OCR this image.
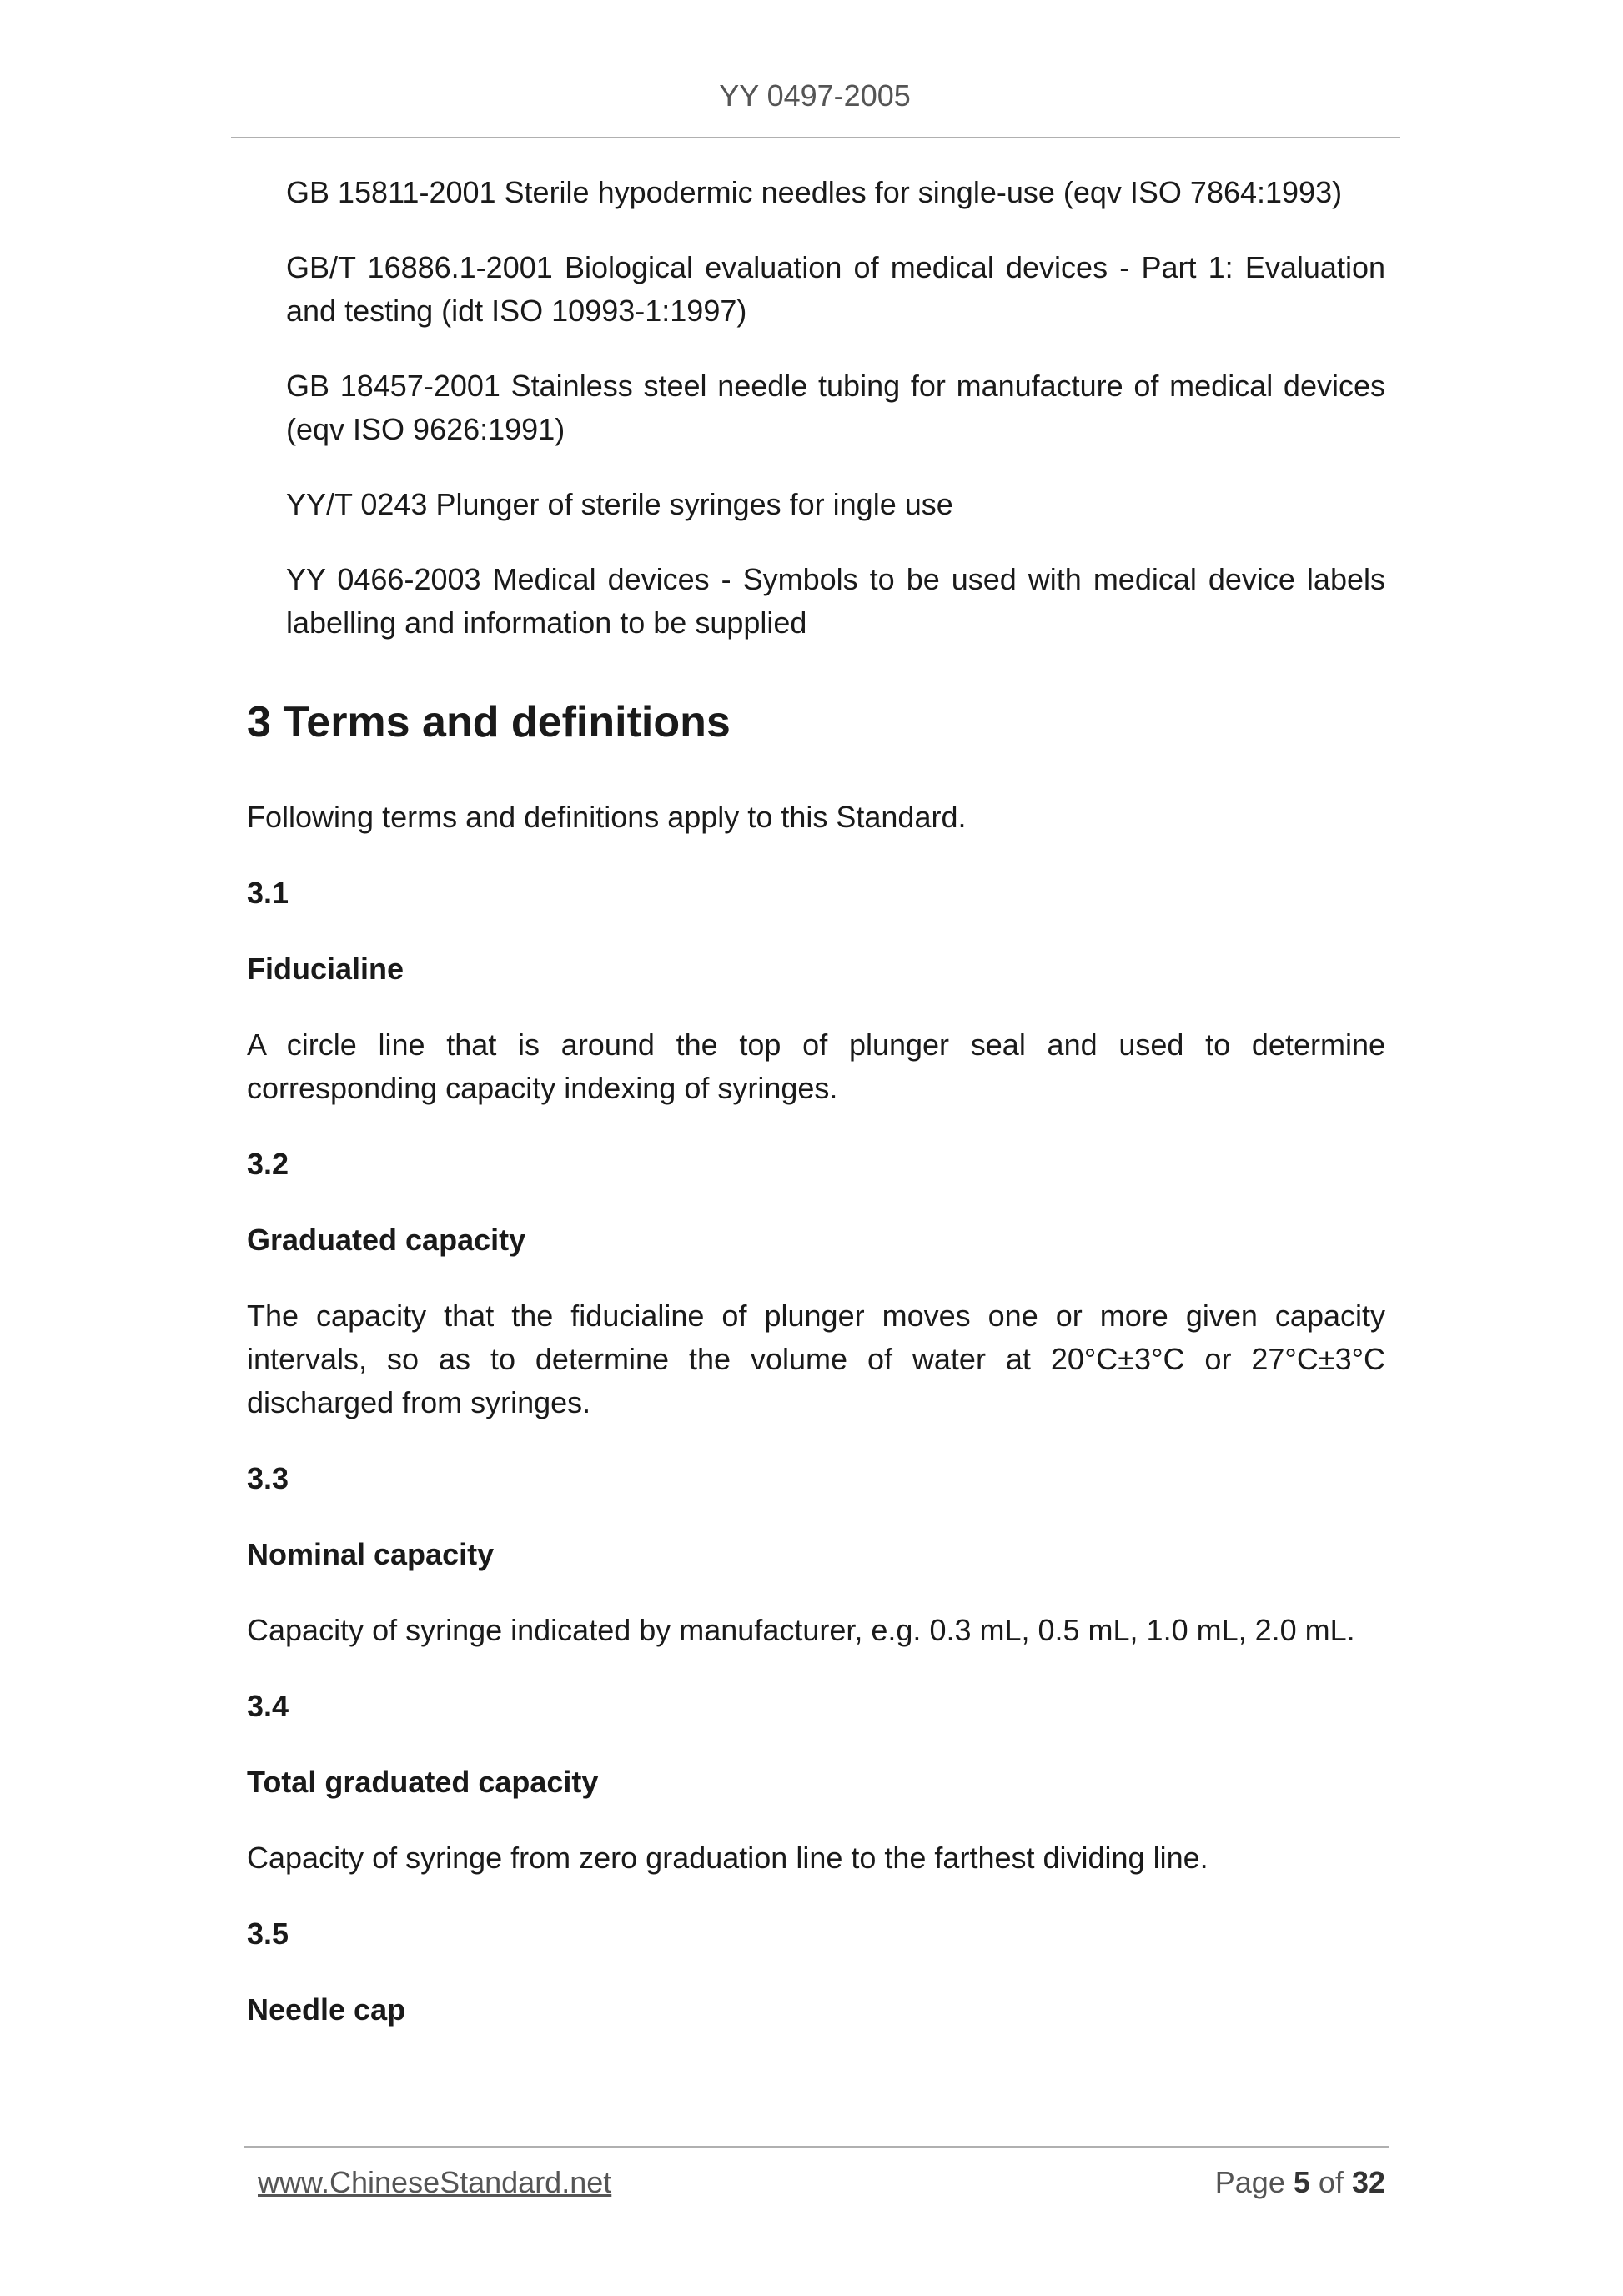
YY 0497-2005

GB 15811-2001 Sterile hypodermic needles for single-use (eqv ISO 7864:1993)

GB/T 16886.1-2001 Biological evaluation of medical devices - Part 1: Evaluation and testing (idt ISO 10993-1:1997)

GB 18457-2001 Stainless steel needle tubing for manufacture of medical devices (eqv ISO 9626:1991)

YY/T 0243 Plunger of sterile syringes for ingle use

YY 0466-2003 Medical devices - Symbols to be used with medical device labels labelling and information to be supplied

3 Terms and definitions

Following terms and definitions apply to this Standard.

3.1

Fiducialine

A circle line that is around the top of plunger seal and used to determine corresponding capacity indexing of syringes.

3.2

Graduated capacity

The capacity that the fiducialine of plunger moves one or more given capacity intervals, so as to determine the volume of water at 20°C±3°C or 27°C±3°C discharged from syringes.

3.3

Nominal capacity

Capacity of syringe indicated by manufacturer, e.g. 0.3 mL, 0.5 mL, 1.0 mL, 2.0 mL.

3.4

Total graduated capacity

Capacity of syringe from zero graduation line to the farthest dividing line.

3.5

Needle cap

www.ChineseStandard.net	Page 5 of 32
